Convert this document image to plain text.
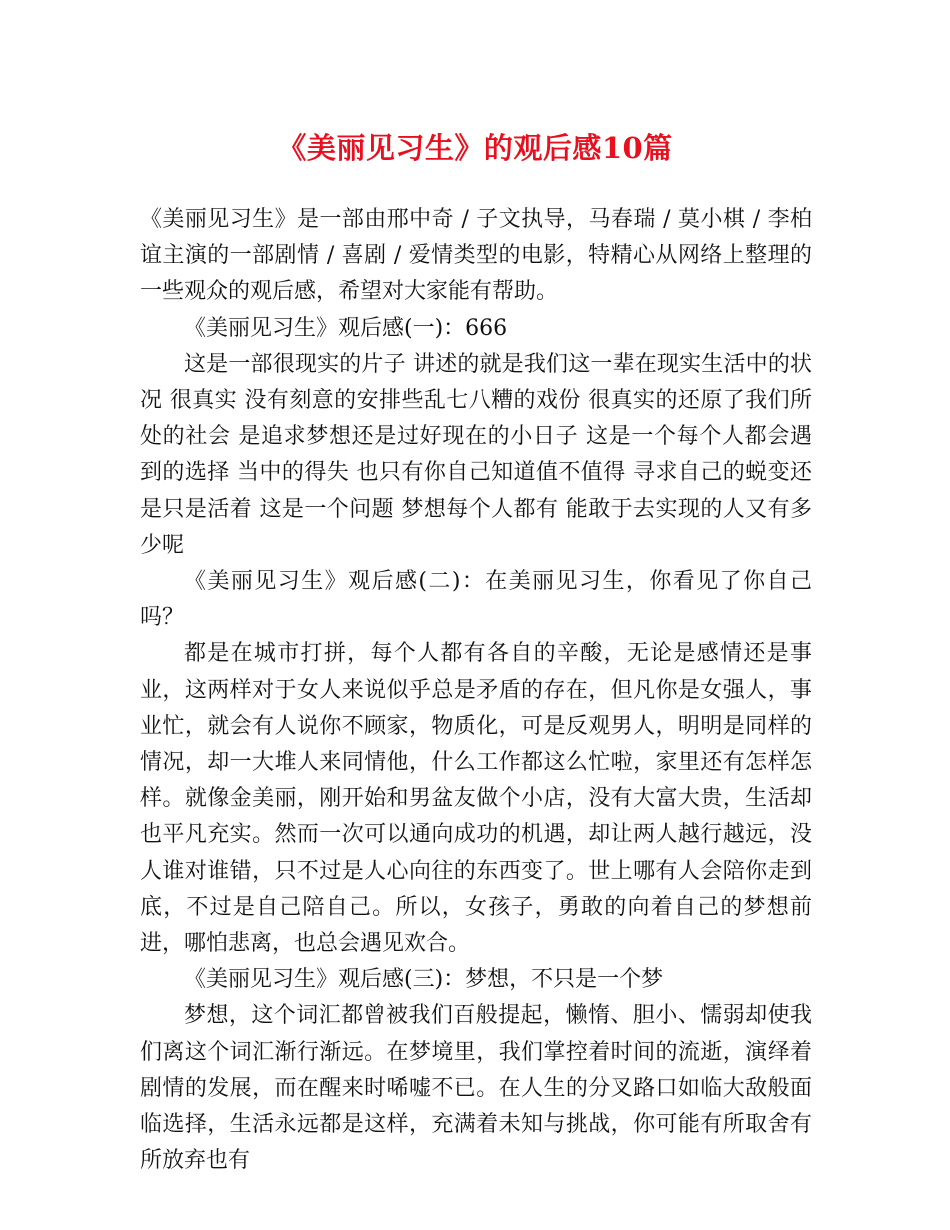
《美丽见习生》的观后感10篇

《美丽见习生》是一部由邢中奇 / 子文执导，马春瑞 / 莫小棋 / 李柏谊主演的一部剧情 / 喜剧 / 爱情类型的电影，特精心从网络上整理的一些观众的观后感，希望对大家能有帮助。

《美丽见习生》观后感(一)：666

这是一部很现实的片子 讲述的就是我们这一辈在现实生活中的状况 很真实 没有刻意的安排些乱七八糟的戏份 很真实的还原了我们所处的社会 是追求梦想还是过好现在的小日子 这是一个每个人都会遇到的选择 当中的得失 也只有你自己知道值不值得 寻求自己的蜕变还是只是活着 这是一个问题 梦想每个人都有 能敢于去实现的人又有多少呢

《美丽见习生》观后感(二)：在美丽见习生，你看见了你自己吗？

都是在城市打拼，每个人都有各自的辛酸，无论是感情还是事业，这两样对于女人来说似乎总是矛盾的存在，但凡你是女强人，事业忙，就会有人说你不顾家，物质化，可是反观男人，明明是同样的情况，却一大堆人来同情他，什么工作都这么忙啦，家里还有怎样怎样。就像金美丽，刚开始和男盆友做个小店，没有大富大贵，生活却也平凡充实。然而一次可以通向成功的机遇，却让两人越行越远，没人谁对谁错，只不过是人心向往的东西变了。世上哪有人会陪你走到底，不过是自己陪自己。所以，女孩子，勇敢的向着自己的梦想前进，哪怕悲离，也总会遇见欢合。

《美丽见习生》观后感(三)：梦想，不只是一个梦

梦想，这个词汇都曾被我们百般提起，懒惰、胆小、懦弱却使我们离这个词汇渐行渐远。在梦境里，我们掌控着时间的流逝，演绎着剧情的发展，而在醒来时唏嘘不已。在人生的分叉路口如临大敌般面临选择，生活永远都是这样，充满着未知与挑战，你可能有所取舍有所放弃也有
